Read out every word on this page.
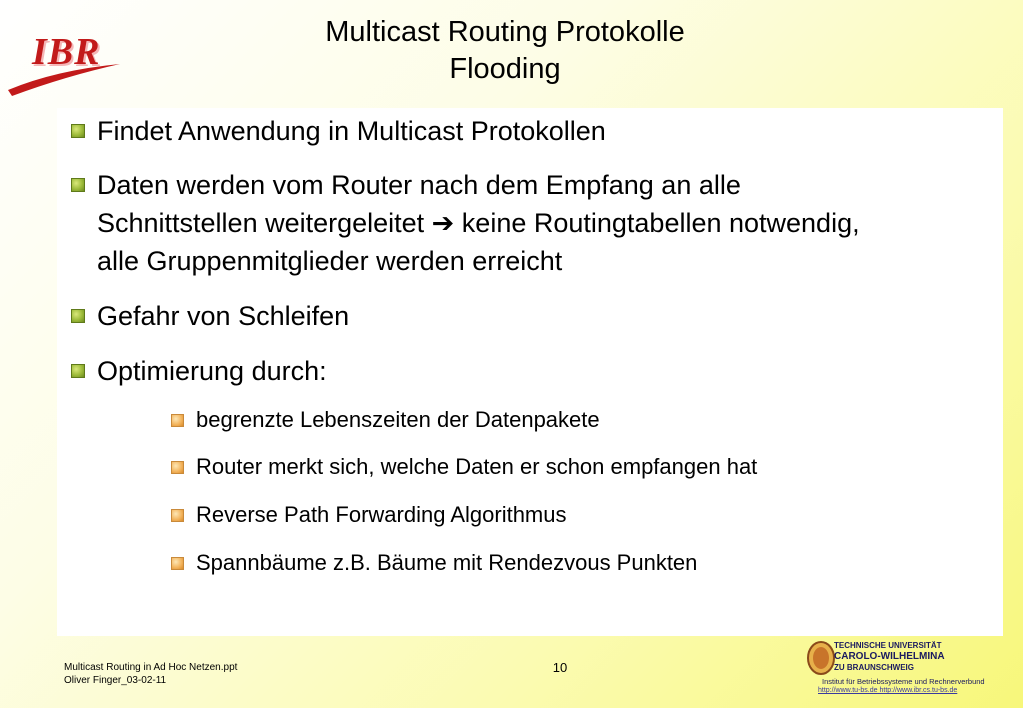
IBR	Multicast Routing Protokolle
Flooding
Findet Anwendung in Multicast Protokollen
Daten werden vom Router nach dem Empfang an alle Schnittstellen weitergeleitet ➔ keine Routingtabellen notwendig, alle Gruppenmitglieder werden erreicht
Gefahr von Schleifen
Optimierung durch:
begrenzte Lebenszeiten der Datenpakete
Router merkt sich, welche Daten er schon empfangen hat
Reverse Path Forwarding Algorithmus
Spannbäume z.B. Bäume mit Rendezvous Punkten
Multicast Routing in Ad Hoc Netzen.ppt
Oliver Finger_03-02-11
10
TECHNISCHE UNIVERSITÄT
CAROLO-WILHELMINA
ZU BRAUNSCHWEIG
Institut für Betriebssysteme und Rechnerverbund
http://www.tu-bs.de http://www.ibr.cs.tu-bs.de
